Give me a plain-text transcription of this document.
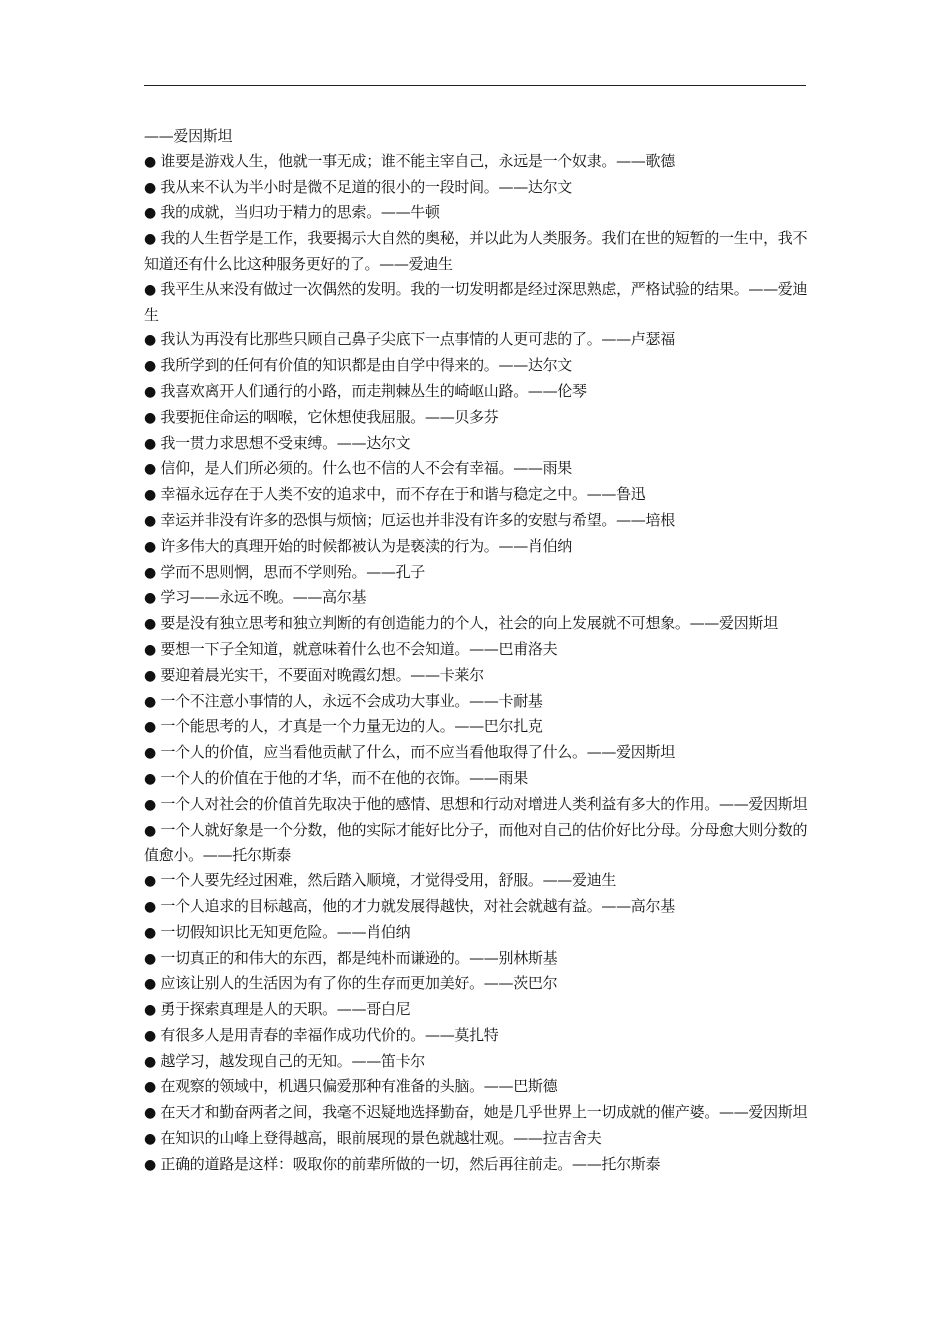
——爱因斯坦

● 谁要是游戏人生，他就一事无成；谁不能主宰自己，永远是一个奴隶。——歌德

● 我从来不认为半小时是微不足道的很小的一段时间。——达尔文

● 我的成就，当归功于精力的思索。——牛顿

● 我的人生哲学是工作，我要揭示大自然的奥秘，并以此为人类服务。我们在世的短暂的一生中，我不知道还有什么比这种服务更好的了。——爱迪生

● 我平生从来没有做过一次偶然的发明。我的一切发明都是经过深思熟虑，严格试验的结果。——爱迪生

● 我认为再没有比那些只顾自己鼻子尖底下一点事情的人更可悲的了。——卢瑟福

● 我所学到的任何有价值的知识都是由自学中得来的。——达尔文

● 我喜欢离开人们通行的小路，而走荆棘丛生的崎岖山路。——伦琴

● 我要扼住命运的咽喉，它休想使我屈服。——贝多芬

● 我一贯力求思想不受束缚。——达尔文

● 信仰，是人们所必须的。什么也不信的人不会有幸福。——雨果

● 幸福永远存在于人类不安的追求中，而不存在于和谐与稳定之中。——鲁迅

● 幸运并非没有许多的恐惧与烦恼；厄运也并非没有许多的安慰与希望。——培根

● 许多伟大的真理开始的时候都被认为是亵渎的行为。——肖伯纳

● 学而不思则惘，思而不学则殆。——孔子

● 学习——永远不晚。——高尔基

● 要是没有独立思考和独立判断的有创造能力的个人，社会的向上发展就不可想象。——爱因斯坦

● 要想一下子全知道，就意味着什么也不会知道。——巴甫洛夫

● 要迎着晨光实干，不要面对晚霞幻想。——卡莱尔

● 一个不注意小事情的人，永远不会成功大事业。——卡耐基

● 一个能思考的人，才真是一个力量无边的人。——巴尔扎克

● 一个人的价值，应当看他贡献了什么，而不应当看他取得了什么。——爱因斯坦

● 一个人的价值在于他的才华，而不在他的衣饰。——雨果

● 一个人对社会的价值首先取决于他的感情、思想和行动对增进人类利益有多大的作用。——爱因斯坦

● 一个人就好象是一个分数，他的实际才能好比分子，而他对自己的估价好比分母。分母愈大则分数的值愈小。——托尔斯泰

● 一个人要先经过困难，然后踏入顺境，才觉得受用，舒服。——爱迪生

● 一个人追求的目标越高，他的才力就发展得越快，对社会就越有益。——高尔基

● 一切假知识比无知更危险。——肖伯纳

● 一切真正的和伟大的东西，都是纯朴而谦逊的。——别林斯基

● 应该让别人的生活因为有了你的生存而更加美好。——茨巴尔

● 勇于探索真理是人的天职。——哥白尼

● 有很多人是用青春的幸福作成功代价的。——莫扎特

● 越学习，越发现自己的无知。——笛卡尔

● 在观察的领域中，机遇只偏爱那种有准备的头脑。——巴斯德

● 在天才和勤奋两者之间，我毫不迟疑地选择勤奋，她是几乎世界上一切成就的催产婆。——爱因斯坦

● 在知识的山峰上登得越高，眼前展现的景色就越壮观。——拉吉舍夫

● 正确的道路是这样：吸取你的前辈所做的一切，然后再往前走。——托尔斯泰
